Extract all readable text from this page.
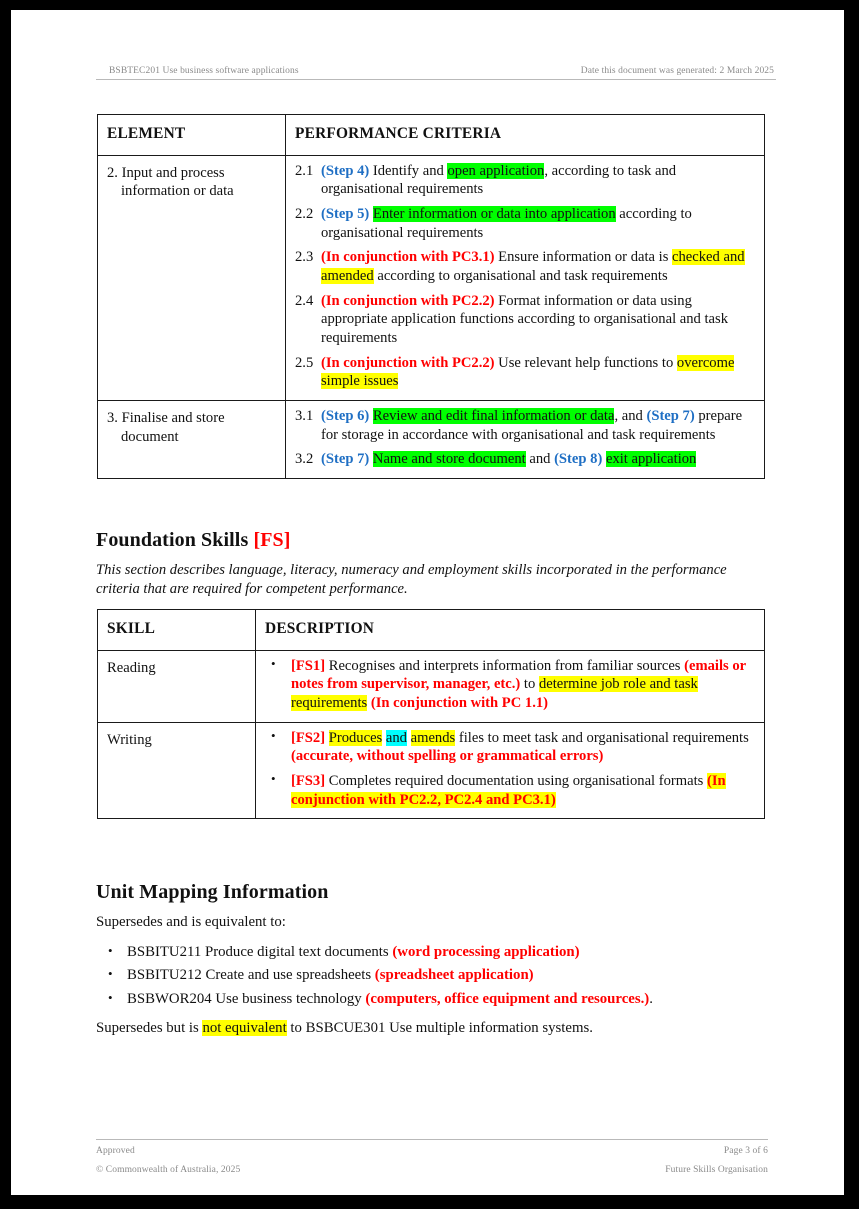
BSBTEC201 Use business software applications	Date this document was generated: 2 March 2025
ELEMENT	PERFORMANCE CRITERIA

2. Input and process information or data

2.1 (Step 4) Identify and open application, according to task and organisational requirements
2.2 (Step 5) Enter information or data into application according to organisational requirements
2.3 (In conjunction with PC3.1) Ensure information or data is checked and amended according to organisational and task requirements
2.4 (In conjunction with PC2.2) Format information or data using appropriate application functions according to organisational and task requirements
2.5 (In conjunction with PC2.2) Use relevant help functions to overcome simple issues

3. Finalise and store document

3.1 (Step 6) Review and edit final information or data, and (Step 7) prepare for storage in accordance with organisational and task requirements
3.2 (Step 7) Name and store document and (Step 8) exit application
Foundation Skills [FS]

This section describes language, literacy, numeracy and employment skills incorporated in the performance criteria that are required for competent performance.

SKILL	DESCRIPTION

Reading	• [FS1] Recognises and interprets information from familiar sources (emails or notes from supervisor, manager, etc.) to determine job role and task requirements (In conjunction with PC 1.1)

Writing	• [FS2] Produces and amends files to meet task and organisational requirements (accurate, without spelling or grammatical errors)
• [FS3] Completes required documentation using organisational formats (In conjunction with PC2.2, PC2.4 and PC3.1)
Unit Mapping Information

Supersedes and is equivalent to:

• BSBITU211 Produce digital text documents (word processing application)
• BSBITU212 Create and use spreadsheets (spreadsheet application)
• BSBWOR204 Use business technology (computers, office equipment and resources.).

Supersedes but is not equivalent to BSBCUE301 Use multiple information systems.

Approved	Page 3 of 6
© Commonwealth of Australia, 2025	Future Skills Organisation
